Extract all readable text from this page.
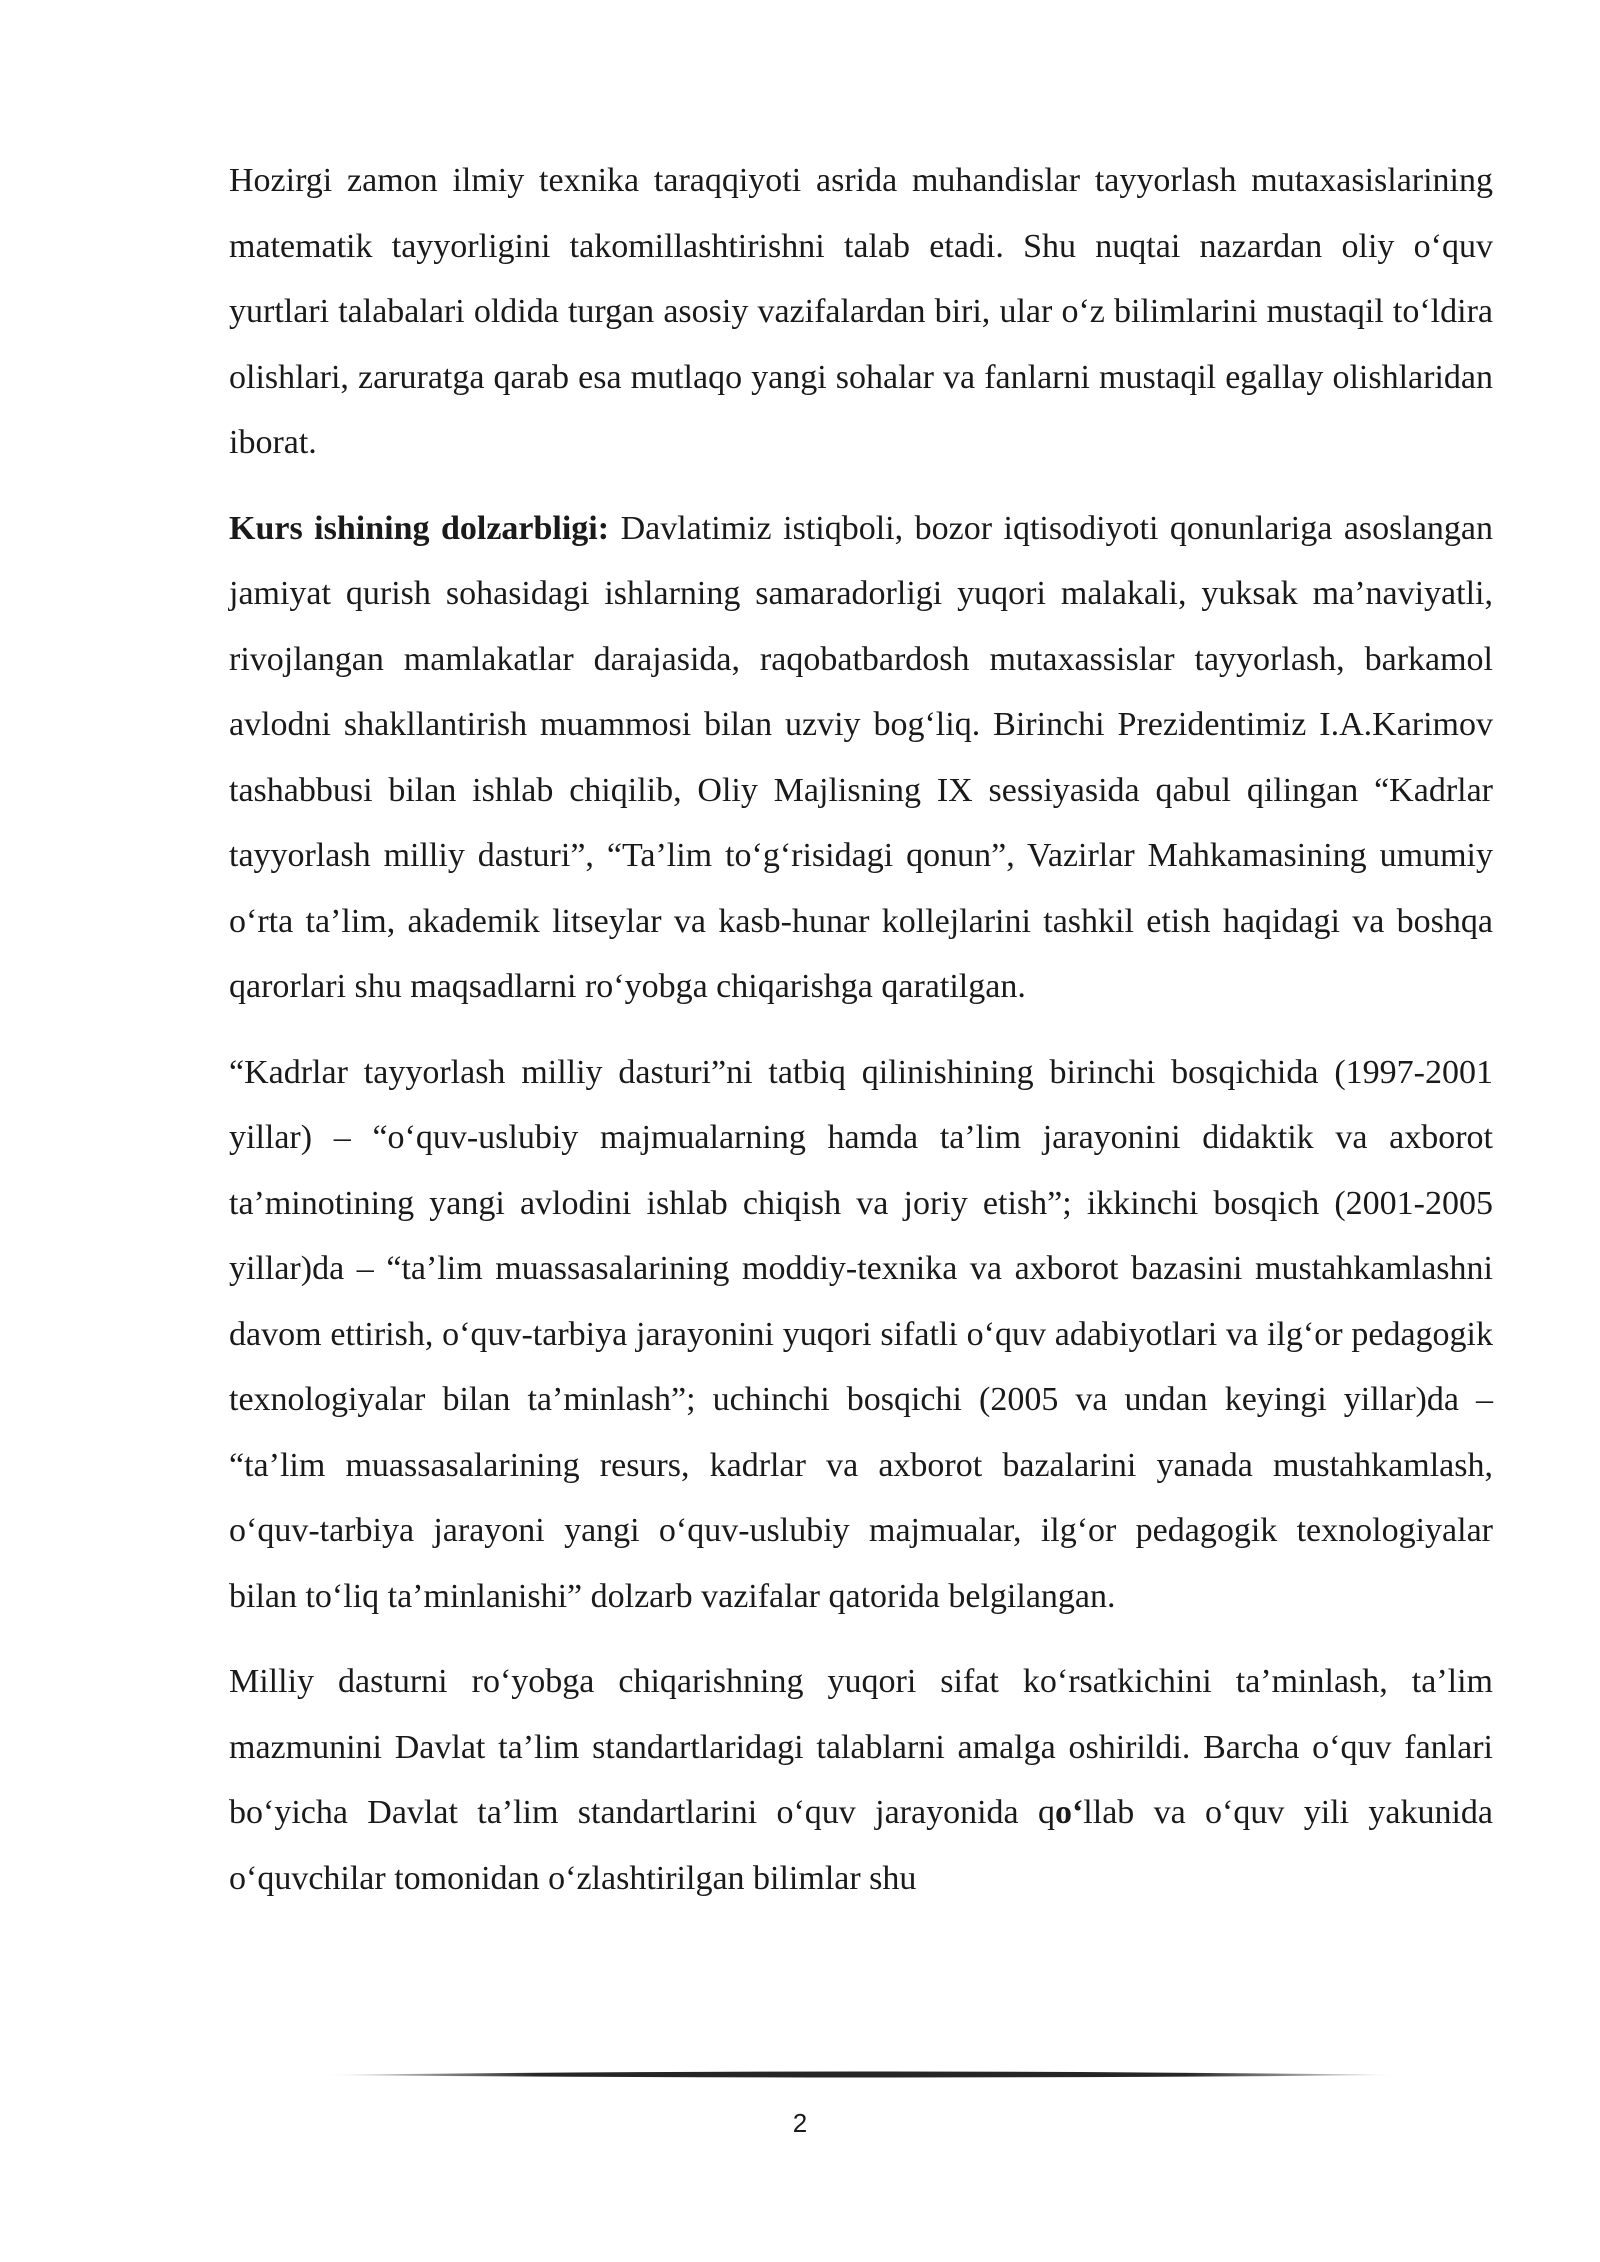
Hozirgi zamon ilmiy texnika taraqqiyoti asrida muhandislar tayyorlash mutaxasislarining matematik tayyorligini takomillashtirishni talab etadi. Shu nuqtai nazardan oliy o‘quv yurtlari talabalari oldida turgan asosiy vazifalardan biri, ular o‘z bilimlarini mustaqil to‘ldira olishlari, zaruratga qarab esa mutlaqo yangi sohalar va fanlarni mustaqil egallay olishlaridan iborat.

Kurs ishining dolzarbligi: Davlatimiz istiqboli, bozor iqtisodiyoti qonunlariga asoslangan jamiyat qurish sohasidagi ishlarning samaradorligi yuqori malakali, yuksak ma’naviyatli, rivojlangan mamlakatlar darajasida, raqobatbardosh mutaxassislar tayyorlash, barkamol avlodni shakllantirish muammosi bilan uzviy bog‘liq. Birinchi Prezidentimiz I.A.Karimov tashabbusi bilan ishlab chiqilib, Oliy Majlisning IX sessiyasida qabul qilingan “Kadrlar tayyorlash milliy dasturi”, “Ta’lim to‘g‘risidagi qonun”, Vazirlar Mahkamasining umumiy o‘rta ta’lim, akademik litseylar va kasb-hunar kollejlarini tashkil etish haqidagi va boshqa qarorlari shu maqsadlarni ro‘yobga chiqarishga qaratilgan.

“Kadrlar tayyorlash milliy dasturi”ni tatbiq qilinishining birinchi bosqichida (1997-2001 yillar) – “o‘quv-uslubiy majmualarning hamda ta’lim jarayonini didaktik va axborot ta’minotining yangi avlodini ishlab chiqish va joriy etish”; ikkinchi bosqich (2001-2005 yillar)da – “ta’lim muassasalarining moddiy-texnika va axborot bazasini mustahkamlashni davom ettirish, o‘quv-tarbiya jarayonini yuqori sifatli o‘quv adabiyotlari va ilg‘or pedagogik texnologiyalar bilan ta’minlash”; uchinchi bosqichi (2005 va undan keyingi yillar)da – “ta’lim muassasalarining resurs, kadrlar va axborot bazalarini yanada mustahkamlash, o‘quv-tarbiya jarayoni yangi o‘quv-uslubiy majmualar, ilg‘or pedagogik texnologiyalar bilan to‘liq ta’minlanishi” dolzarb vazifalar qatorida belgilangan.

Milliy dasturni ro‘yobga chiqarishning yuqori sifat ko‘rsatkichini ta’minlash, ta’lim mazmunini Davlat ta’lim standartlaridagi talablarni amalga oshirildi. Barcha o‘quv fanlari bo‘yicha Davlat ta’lim standartlarini o‘quv jarayonida qo‘llab va o‘quv yili yakunida o‘quvchilar tomonidan o‘zlashtirilgan bilimlar shu

2
